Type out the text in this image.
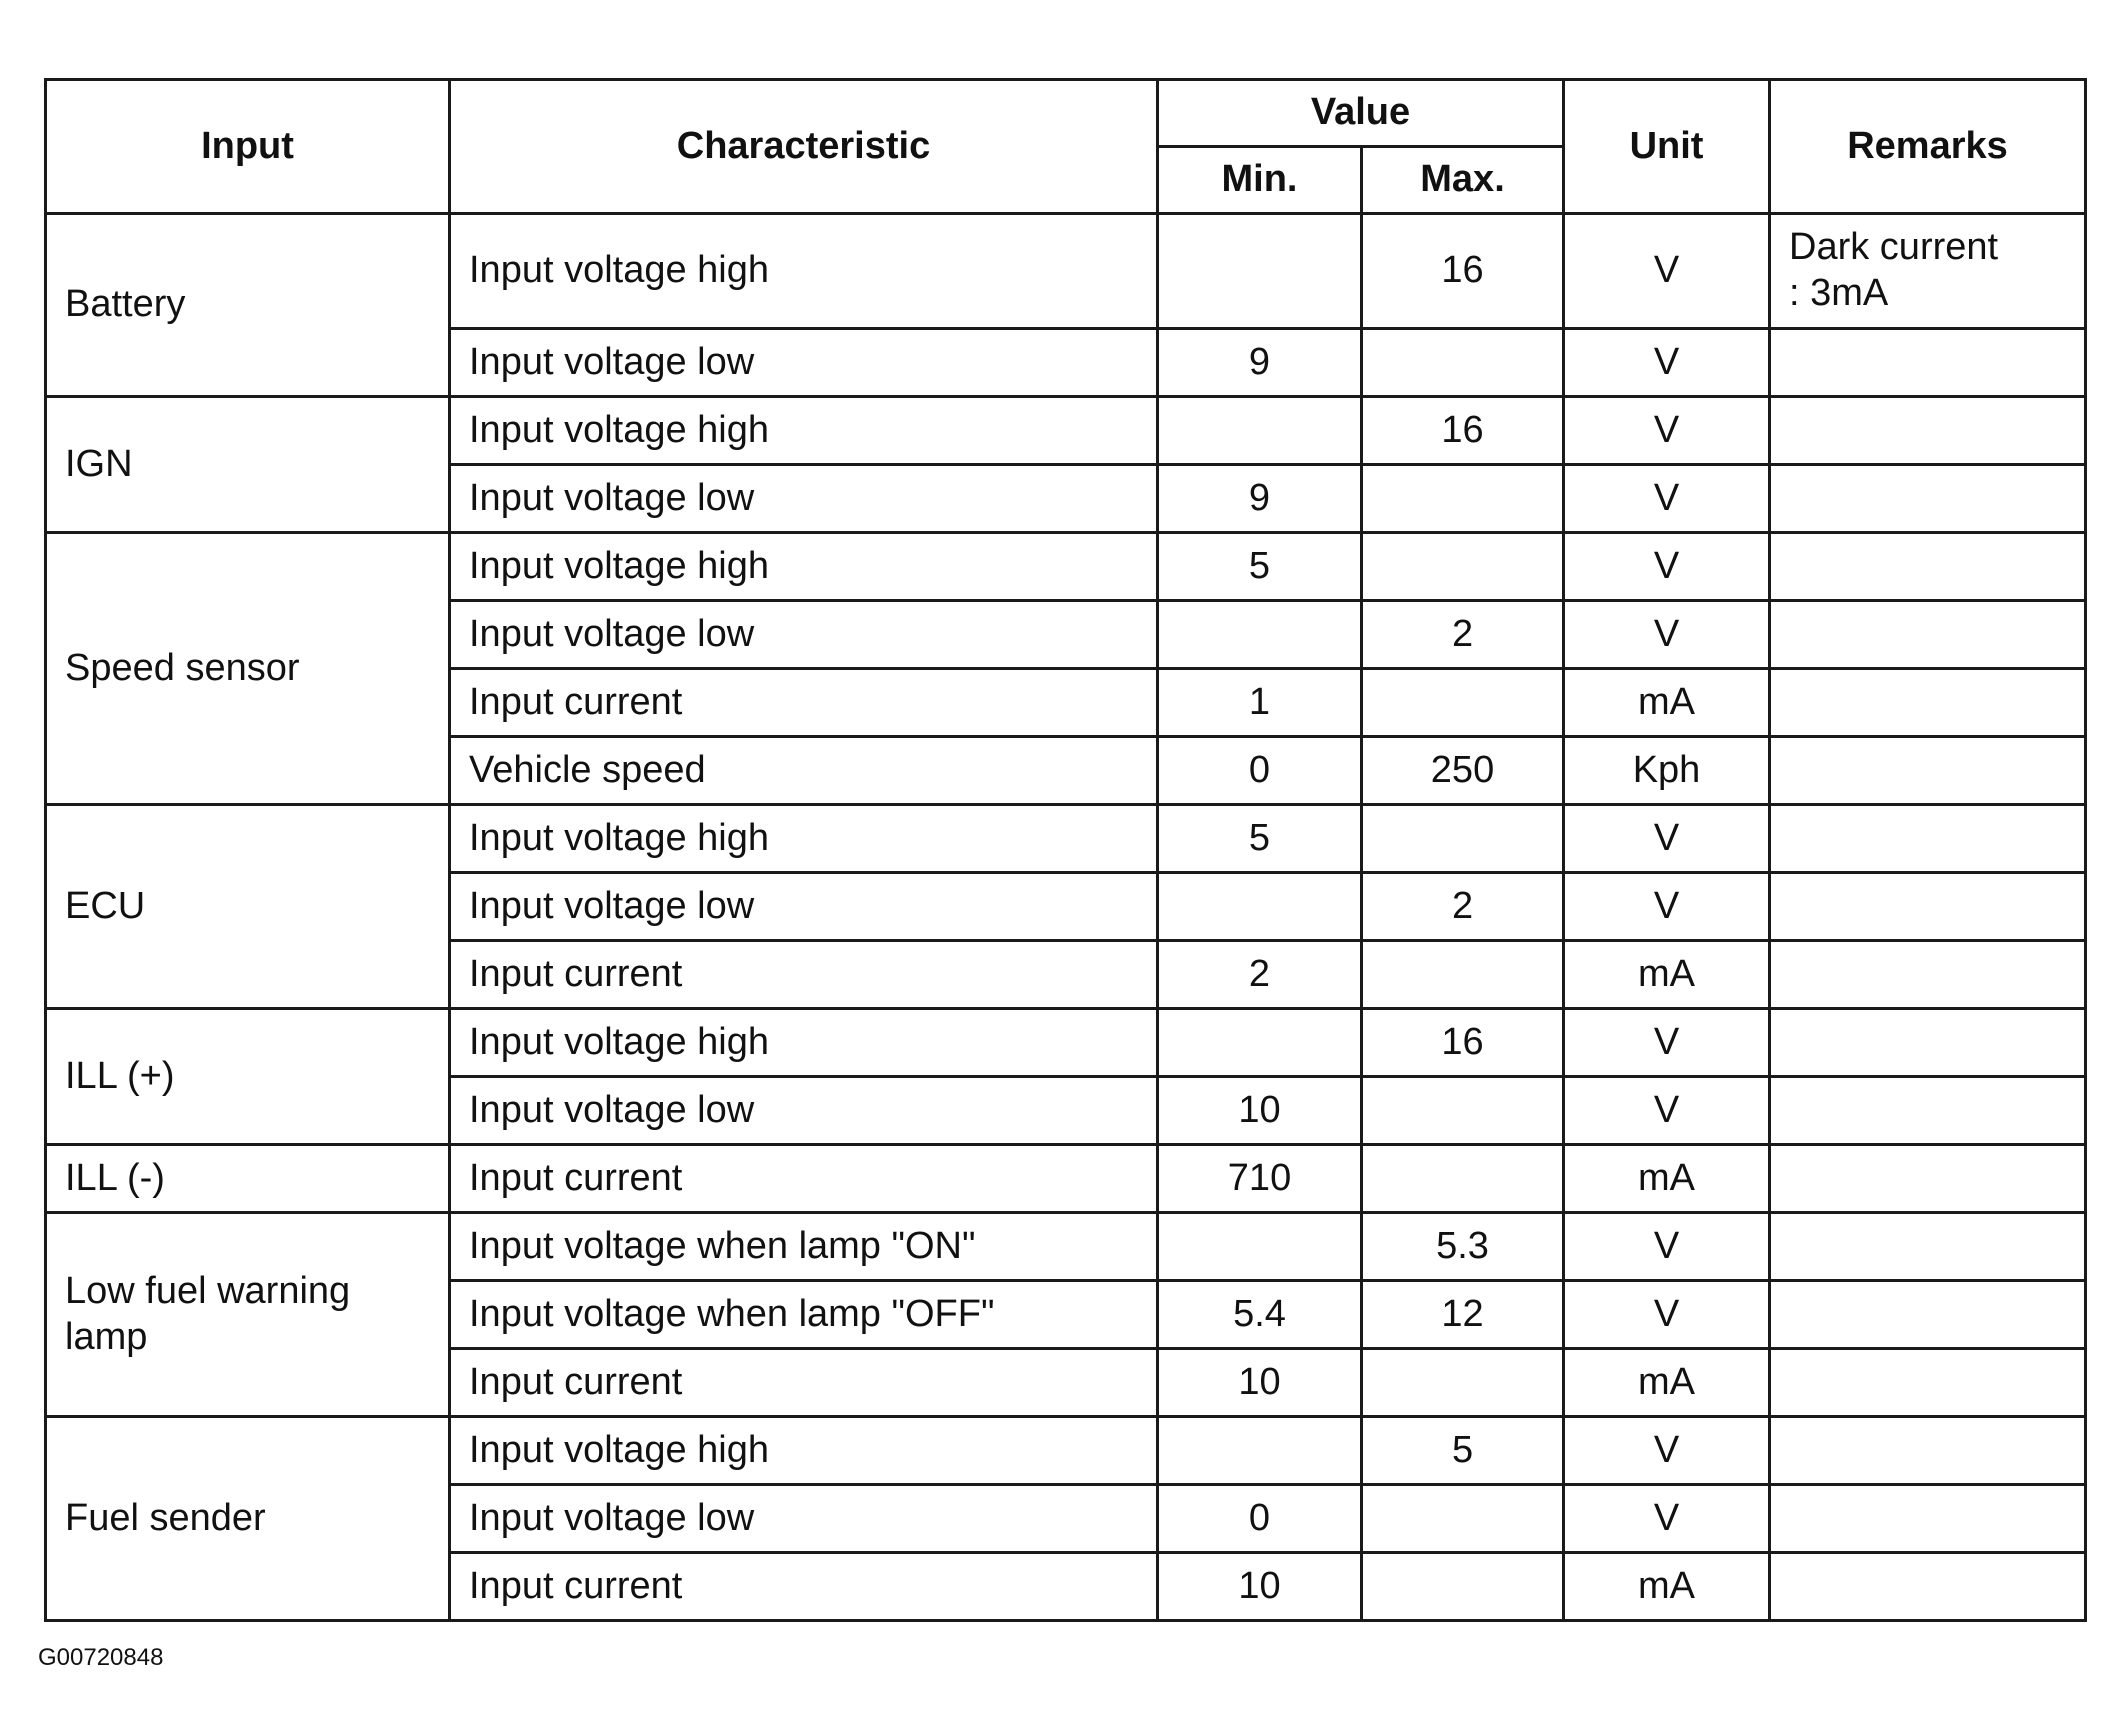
Input	Characteristic	Value		Unit	Remarks
		Min.	Max.		
Battery	Input voltage high		16	V	Dark current
: 3mA

	Input voltage low	9		V	
IGN	Input voltage high		16	V	
	Input voltage low	9		V	
Speed sensor	Input voltage high	5		V	
	Input voltage low		2	V	
	Input current	1		mA	
	Vehicle speed	0	250	Kph	
ECU	Input voltage high	5		V	
	Input voltage low		2	V	
	Input current	2		mA	
ILL (+)	Input voltage high		16	V	
	Input voltage low	10		V	
ILL (-)	Input current	710		mA	

Low fuel warning
lamp	Input voltage when lamp "ON"		5.3	V	
	Input voltage when lamp "OFF"	5.4	12	V	
	Input current	10		mA	
Fuel sender	Input voltage high		5	V	
	Input voltage low	0		V	
	Input current	10		mA	
G00720848
